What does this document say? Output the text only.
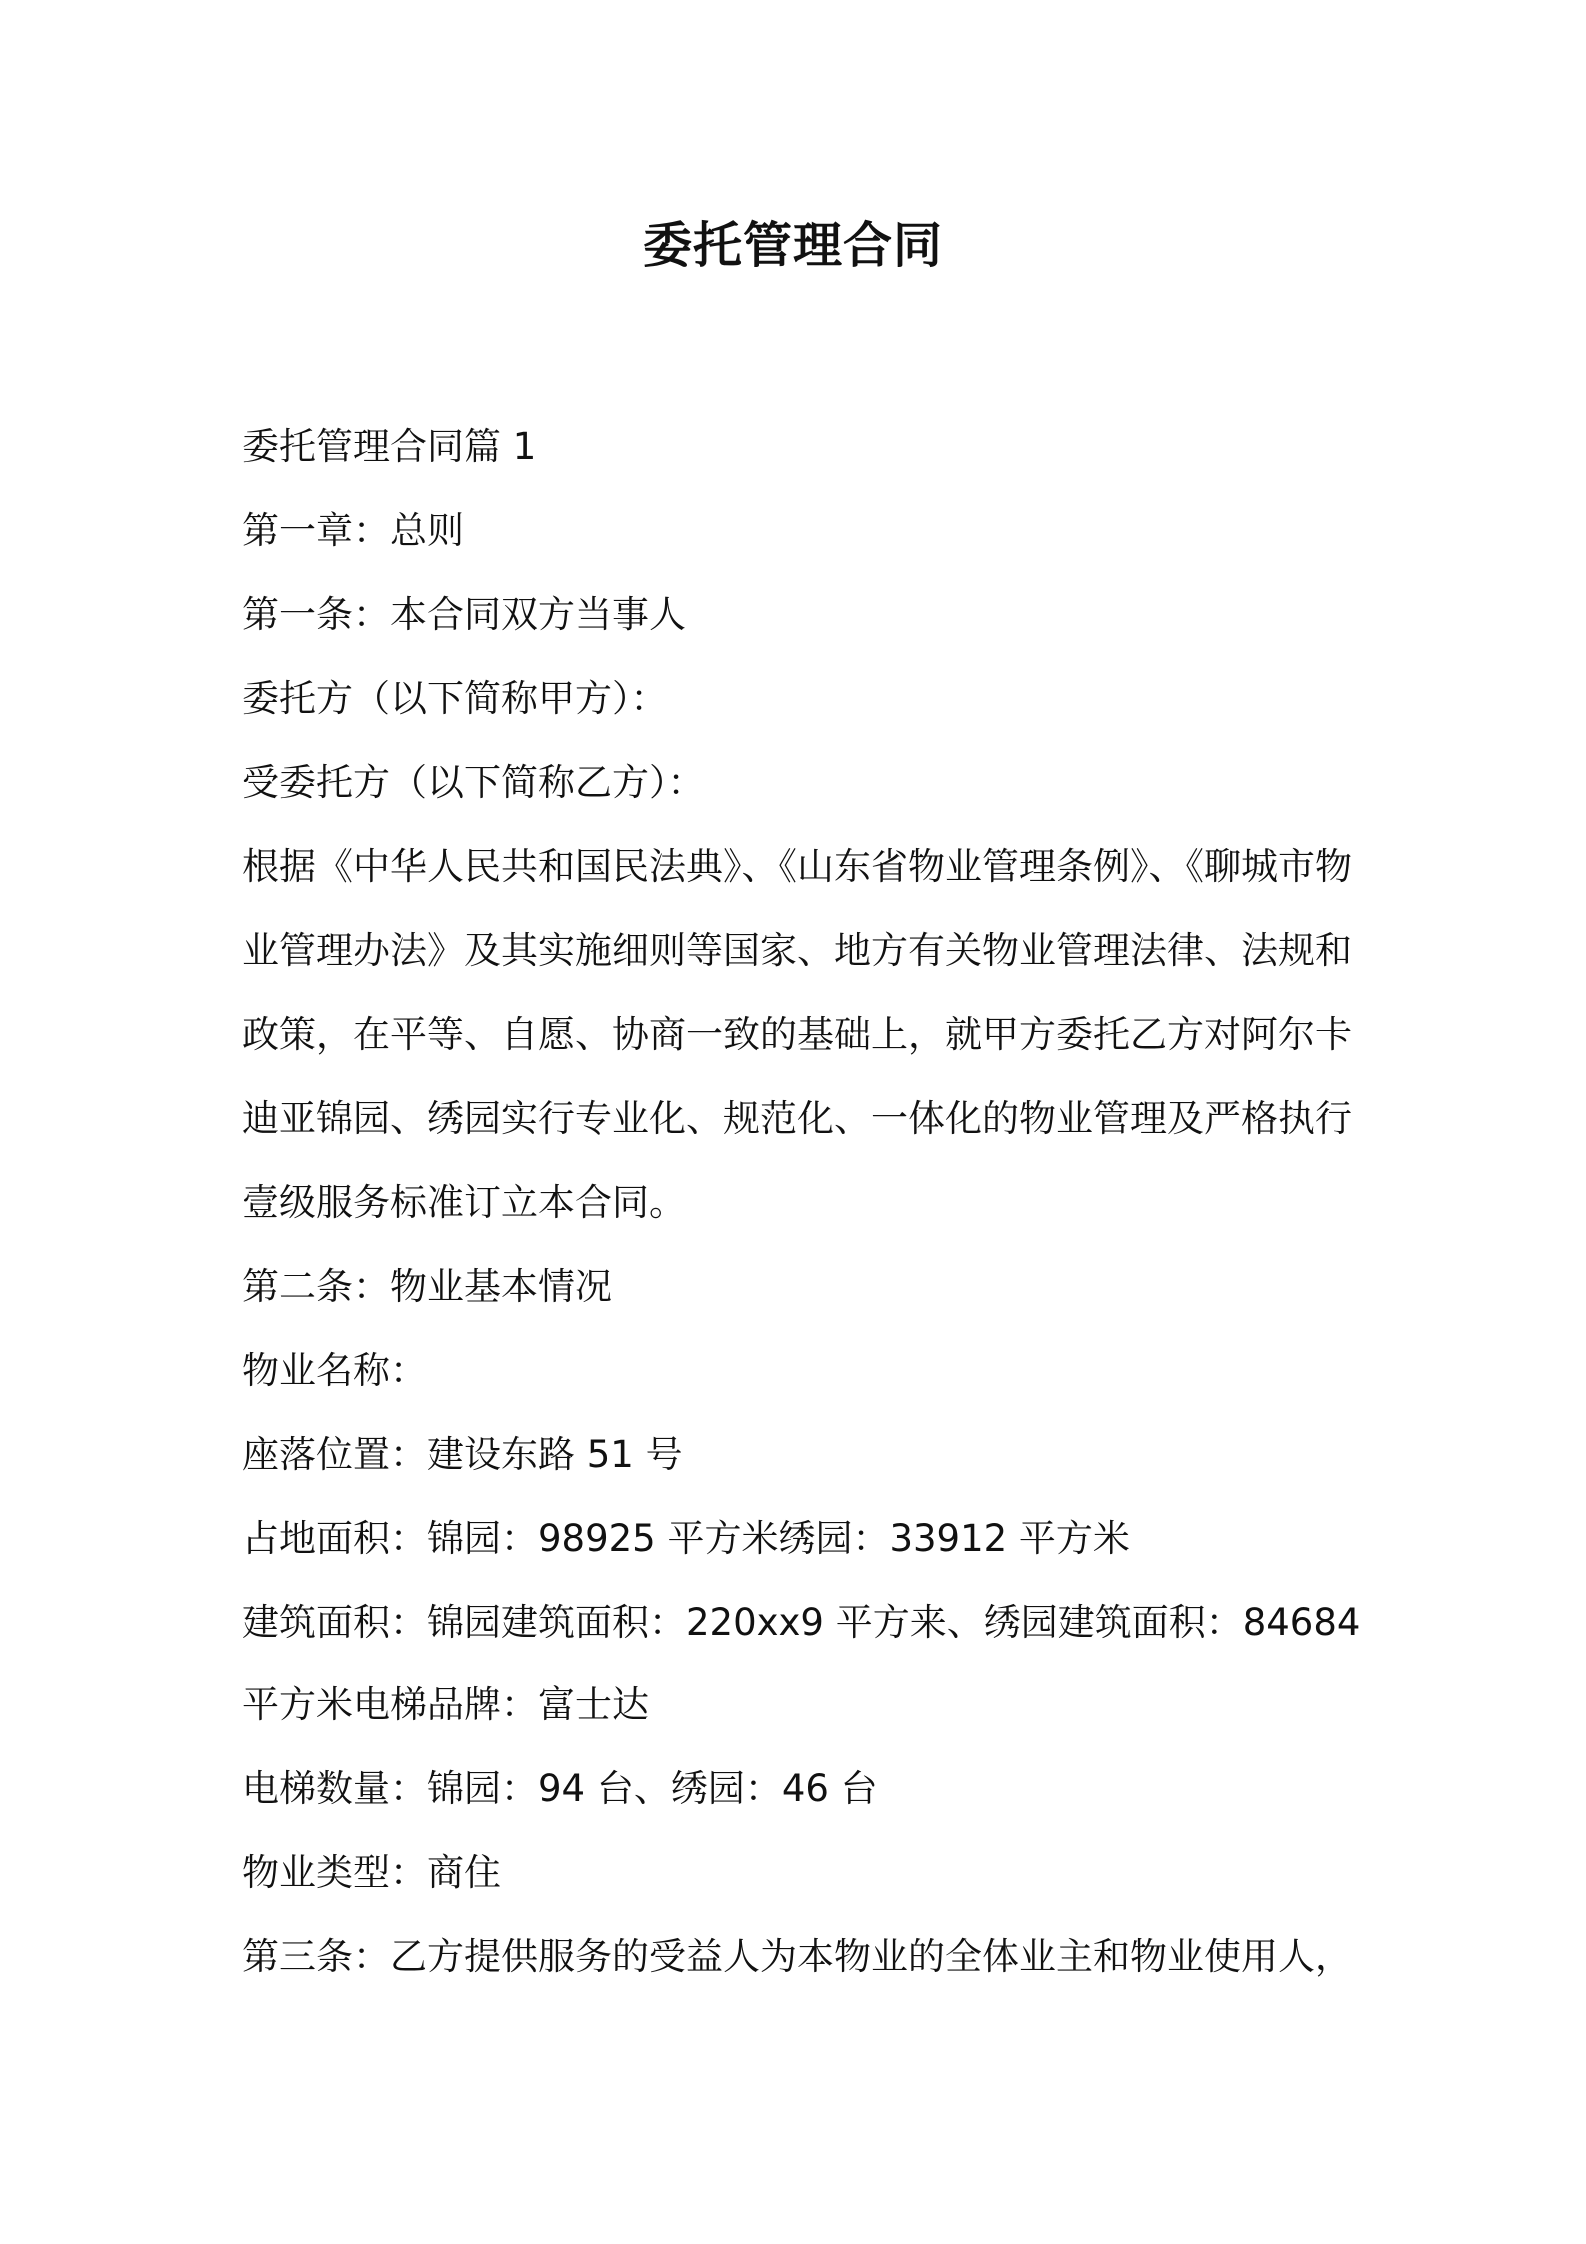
委托管理合同

委托管理合同篇 1

第一章：总则

第一条：本合同双方当事人

委托方（以下简称甲方）：

受委托方（以下简称乙方）：

根据《中华人民共和国民法典》、《山东省物业管理条例》、《聊城市物

业管理办法》及其实施细则等国家、地方有关物业管理法律、法规和

政策，在平等、自愿、协商一致的基础上，就甲方委托乙方对阿尔卡

迪亚锦园、绣园实行专业化、规范化、一体化的物业管理及严格执行

壹级服务标准订立本合同。

第二条：物业基本情况

物业名称：

座落位置：建设东路 51 号

占地面积：锦园：98925 平方米绣园：33912 平方米

建筑面积：锦园建筑面积：220xx9 平方来、绣园建筑面积：84684

平方米电梯品牌：富士达

电梯数量：锦园：94 台、绣园：46 台

物业类型：商住

第三条：乙方提供服务的受益人为本物业的全体业主和物业使用人，
